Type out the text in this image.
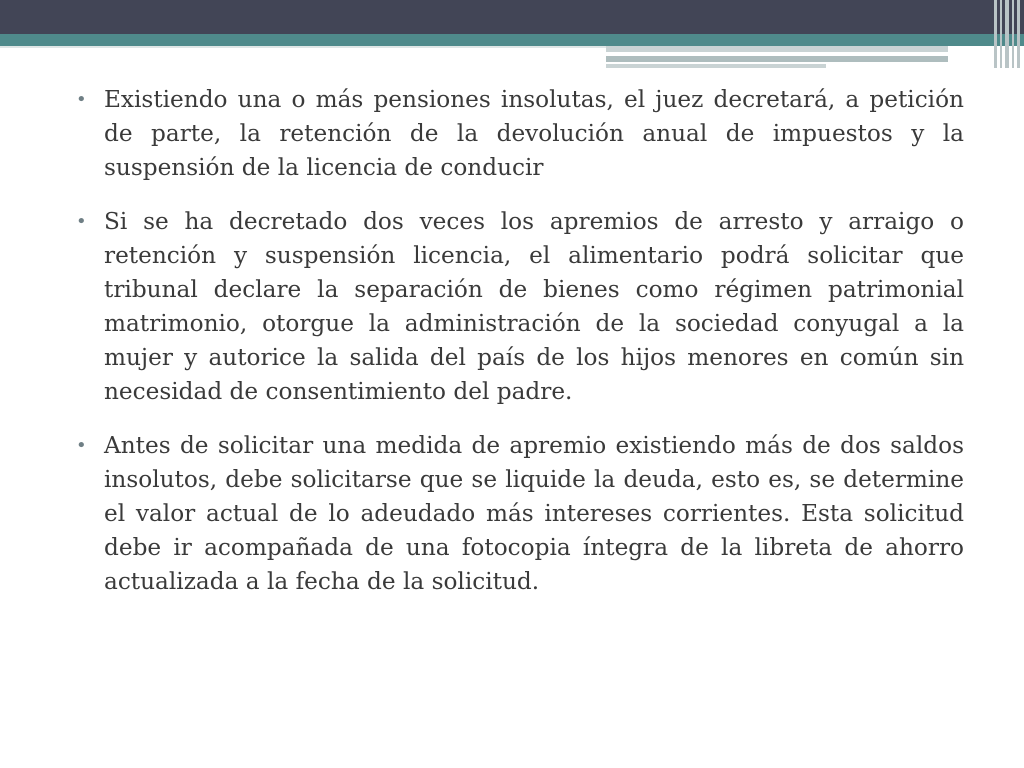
• Existiendo una o más pensiones insolutas, el juez decretará, a petición de parte, la retención de la devolución anual de impuestos y la suspensión de la licencia de conducir
• Si se ha decretado dos veces los apremios de arresto y arraigo o retención y suspensión licencia, el alimentario podrá solicitar que tribunal declare la separación de bienes como régimen patrimonial matrimonio, otorgue la administración de la sociedad conyugal a la mujer y autorice la salida del país de los hijos menores en común sin necesidad de consentimiento del padre.
• Antes de solicitar una medida de apremio existiendo más de dos saldos insolutos, debe solicitarse que se liquide la deuda, esto es, se determine el valor actual de lo adeudado más intereses corrientes. Esta solicitud debe ir acompañada de una fotocopia íntegra de la libreta de ahorro actualizada a la fecha de la solicitud.
